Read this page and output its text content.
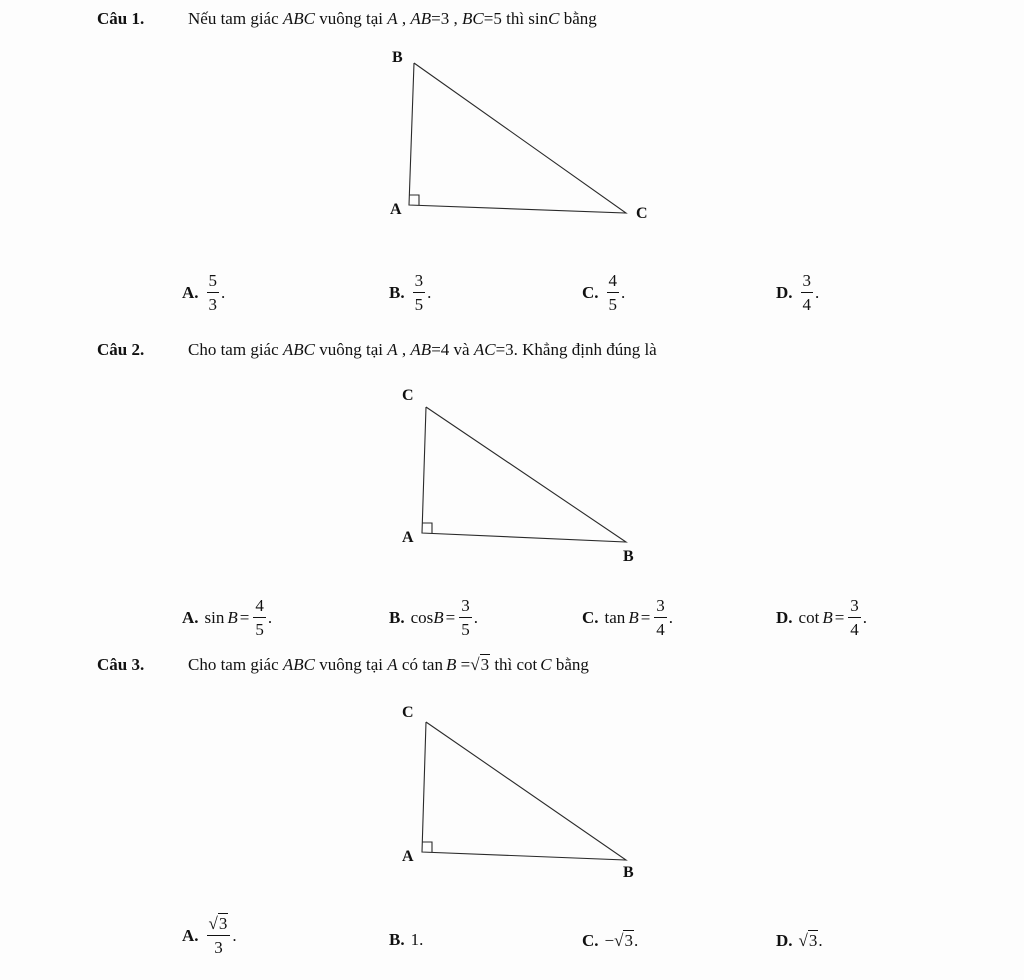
Câu 1.	Nếu tam giác ABC vuông tại A , AB=3 , BC=5 thì sinC bằng
B
A	C
A. $\frac{5}{3}$ .	B. $\frac{3}{5}$ .	C. $\frac{4}{5}$ .	D. $\frac{3}{4}$ .
Câu 2.	Cho tam giác ABC vuông tại A , AB=4 và AC=3. Khẳng định đúng là
C
A
B
A. $\sin B = \frac{4}{5}$ .	B. $\cos B = \frac{3}{5}$ .	C. $\tan B = \frac{3}{4}$ .	D. $\cot B = \frac{3}{4}$ .
Câu 3.	Cho tam giác ABC vuông tại A có tan B =√3 thì cot C bằng
C
A
B
A. $\frac{√3}{3}$ .	B. 1.	C. − √ 3 .	D. √ 3 .
